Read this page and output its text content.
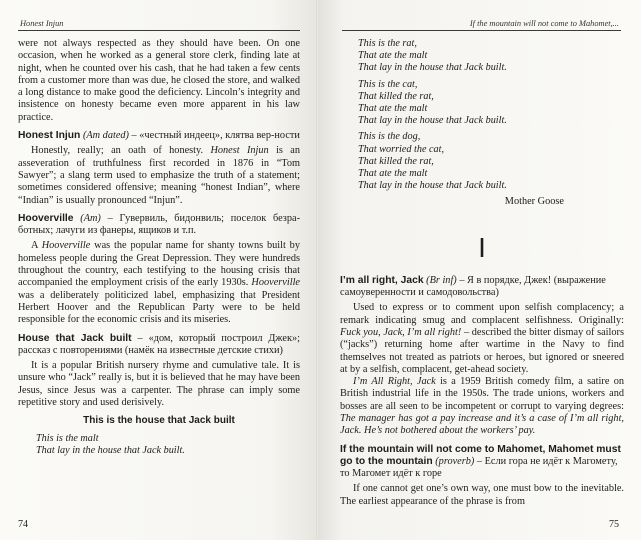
Honest Injun

were not always respected as they should have been. On one occasion, when he worked as a general store clerk, finding late at night, when he counted over his cash, that he had taken a few cents from a customer more than was due, he closed the store, and walked a long distance to make good the deficiency. Lincoln’s integrity and insistence on honesty became even more apparent in his law practice.

Honest Injun (Am dated) – «честный индеец», клятва вер-ности

Honestly, really; an oath of honesty. Honest Injun is an asseveration of truthfulness first recorded in 1876 in “Tom Sawyer”; a slang term used to emphasize the truth of a statement; sometimes considered offensive; meaning “honest Indian”, where “Indian” is usually pronounced “Injun”.

Hooverville (Am) – Гувервиль, бидонвиль; поселок безра-ботных; лачуги из фанеры, ящиков и т.п.

A Hooverville was the popular name for shanty towns built by homeless people during the Great Depression. They were hundreds throughout the country, each testifying to the housing crisis that accompanied the employment crisis of the early 1930s. Hooverville was a deliberately politicized label, emphasizing that President Herbert Hoover and the Republican Party were to be held responsible for the economic crisis and its miseries.

House that Jack built – «дом, который построил Джек»; рассказ с повторениями (намёк на известные детские стихи)

It is a popular British nursery rhyme and cumulative tale. It is unsure who “Jack” really is, but it is believed that he may have been Jesus, since Jesus was a carpenter. The phrase can imply some repetitive story and used derisively.

This is the house that Jack built
This is the malt
That lay in the house that Jack built.
74
If the mountain will not come to Mahomet,...
This is the rat,
That ate the malt
That lay in the house that Jack built.
This is the cat,
That killed the rat,
That ate the malt
That lay in the house that Jack built.
This is the dog,
That worried the cat,
That killed the rat,
That ate the malt
That lay in the house that Jack built.
Mother Goose
I

I’m all right, Jack (Br inf) – Я в порядке, Джек! (выражение самоуверенности и самодовольства)

Used to express or to comment upon selfish complacency; a remark indicating smug and complacent selfishness. Originally: Fuck you, Jack, I’m all right! – described the bitter dismay of sailors (“jacks”) returning home after wartime in the Navy to find themselves not treated as patriots or heroes, but ignored or sneered at by a selfish, complacent, get-ahead society.

I’m All Right, Jack is a 1959 British comedy film, a satire on British industrial life in the 1950s. The trade unions, workers and bosses are all seen to be incompetent or corrupt to varying degrees: The manager has got a pay increase and it’s a case of I’m all right, Jack. He’s not bothered about the workers’ pay.

If the mountain will not come to Mahomet, Mahomet must go to the mountain (proverb) – Если гора не идёт к Магомету, то Магомет идёт к горе

If one cannot get one’s own way, one must bow to the inevitable. The earliest appearance of the phrase is from

75
